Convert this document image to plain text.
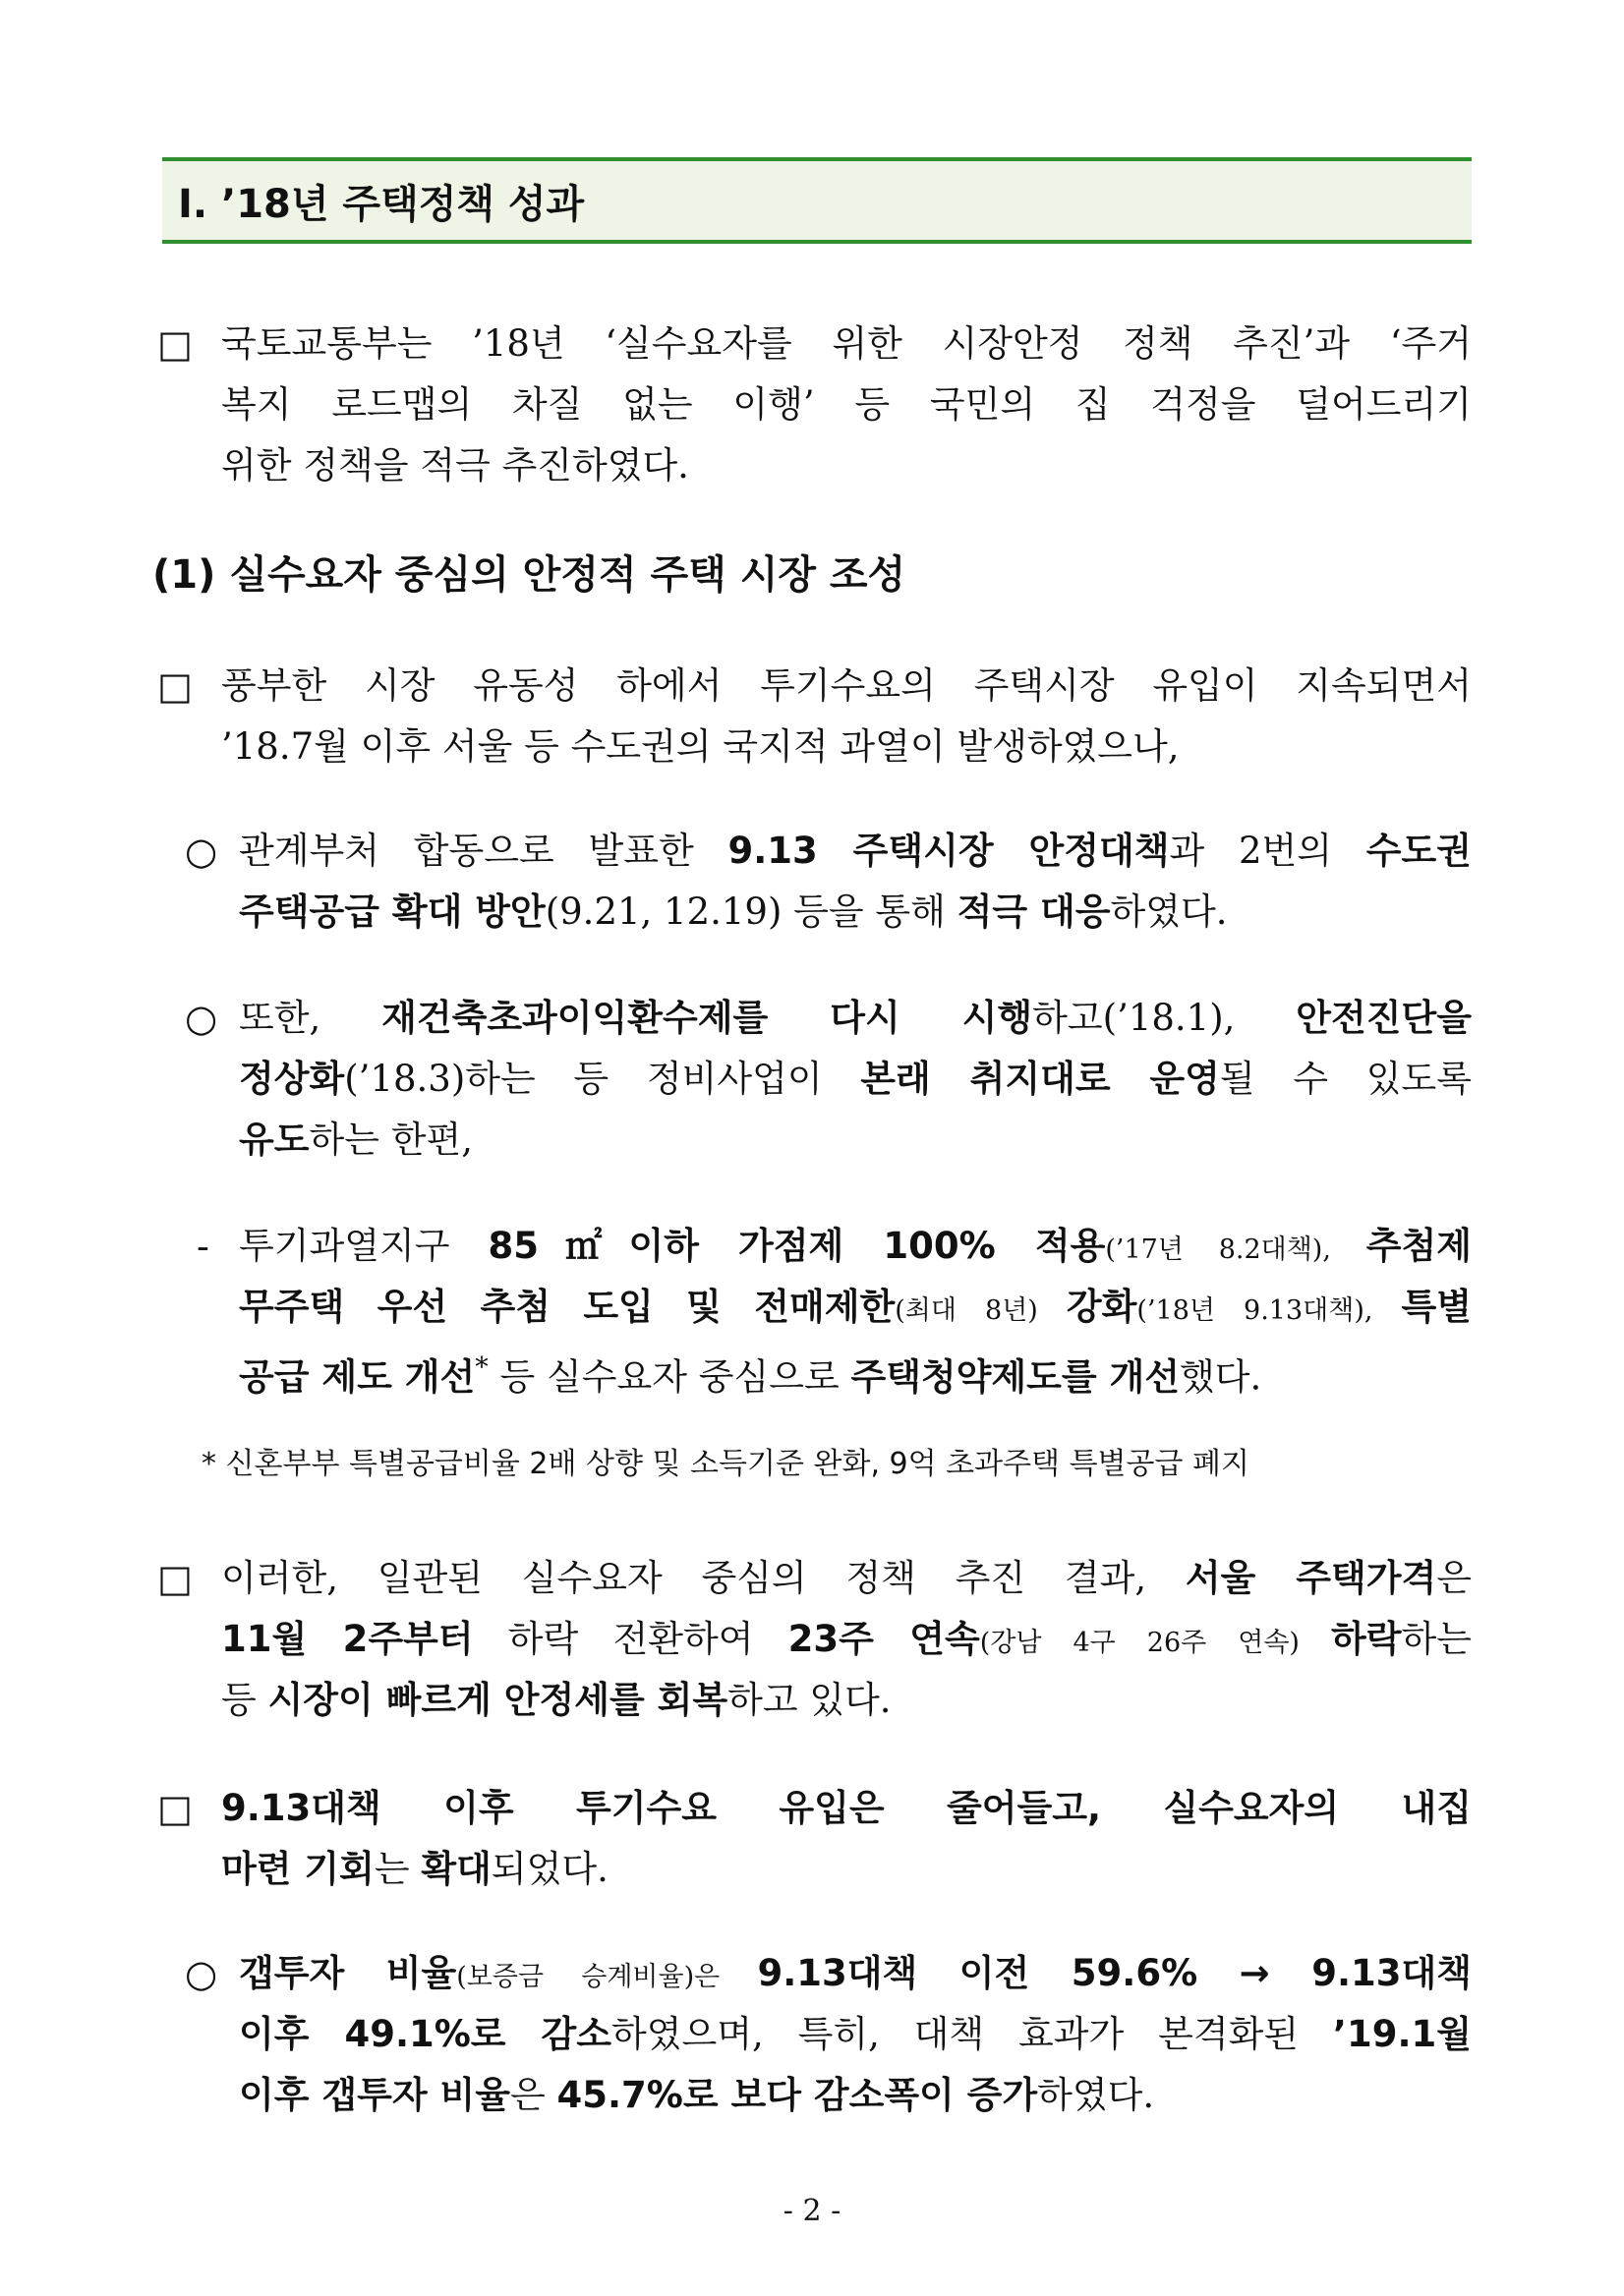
Ⅰ. ’18년 주택정책 성과
□ 국토교통부는 ’18년 ‘실수요자를 위한 시장안정 정책 추진’과 ‘주거
복지 로드맵의 차질 없는 이행’ 등 국민의 집 걱정을 덜어드리기
위한 정책을 적극 추진하였다.
(1) 실수요자 중심의 안정적 주택 시장 조성
□ 풍부한 시장 유동성 하에서 투기수요의 주택시장 유입이 지속되면서
’18.7월 이후 서울 등 수도권의 국지적 과열이 발생하였으나,
○ 관계부처 합동으로 발표한 9.13 주택시장 안정대책과 2번의 수도권
주택공급 확대 방안(9.21, 12.19) 등을 통해 적극 대응하였다.
○ 또한, 재건축초과이익환수제를 다시 시행하고(’18.1), 안전진단을
정상화(’18.3)하는 등 정비사업이 본래 취지대로 운영될 수 있도록
유도하는 한편,
- 투기과열지구 85㎡이하 가점제 100% 적용(’17년 8.2대책), 추첨제
무주택 우선 추첨 도입 및 전매제한(최대 8년) 강화(’18년 9.13대책), 특별
공급 제도 개선* 등 실수요자 중심으로 주택청약제도를 개선했다.
* 신혼부부 특별공급비율 2배 상향 및 소득기준 완화, 9억 초과주택 특별공급 폐지
□ 이러한, 일관된 실수요자 중심의 정책 추진 결과, 서울 주택가격은
11월 2주부터 하락 전환하여 23주 연속(강남 4구 26주 연속) 하락하는
등 시장이 빠르게 안정세를 회복하고 있다.
□ 9.13대책 이후 투기수요 유입은 줄어들고, 실수요자의 내집
마련 기회는 확대되었다.
○ 갭투자 비율(보증금 승계비율)은 9.13대책 이전 59.6% → 9.13대책
이후 49.1%로 감소하였으며, 특히, 대책 효과가 본격화된 ’19.1월
이후 갭투자 비율은 45.7%로 보다 감소폭이 증가하였다.
- 2 -
